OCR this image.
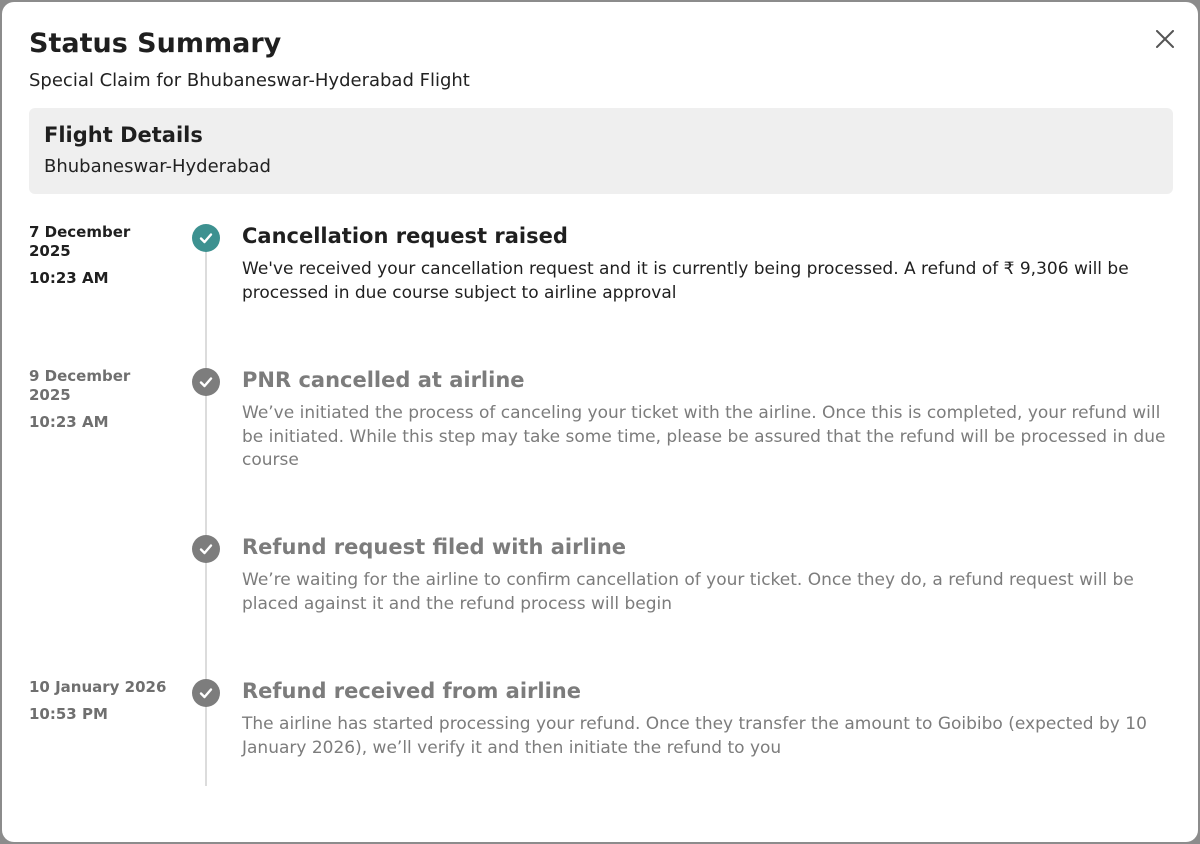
Status Summary
Special Claim for Bhubaneswar-Hyderabad Flight
Flight Details
Bhubaneswar-Hyderabad
7 December 2025
10:23 AM
Cancellation request raised
We've received your cancellation request and it is currently being processed. A refund of ₹ 9,306 will be processed in due course subject to airline approval
9 December 2025
10:23 AM
PNR cancelled at airline
We’ve initiated the process of canceling your ticket with the airline. Once this is completed, your refund will be initiated. While this step may take some time, please be assured that the refund will be processed in due course
Refund request filed with airline
We’re waiting for the airline to confirm cancellation of your ticket. Once they do, a refund request will be placed against it and the refund process will begin
10 January 2026
10:53 PM
Refund received from airline
The airline has started processing your refund. Once they transfer the amount to Goibibo (expected by 10 January 2026), we’ll verify it and then initiate the refund to you
